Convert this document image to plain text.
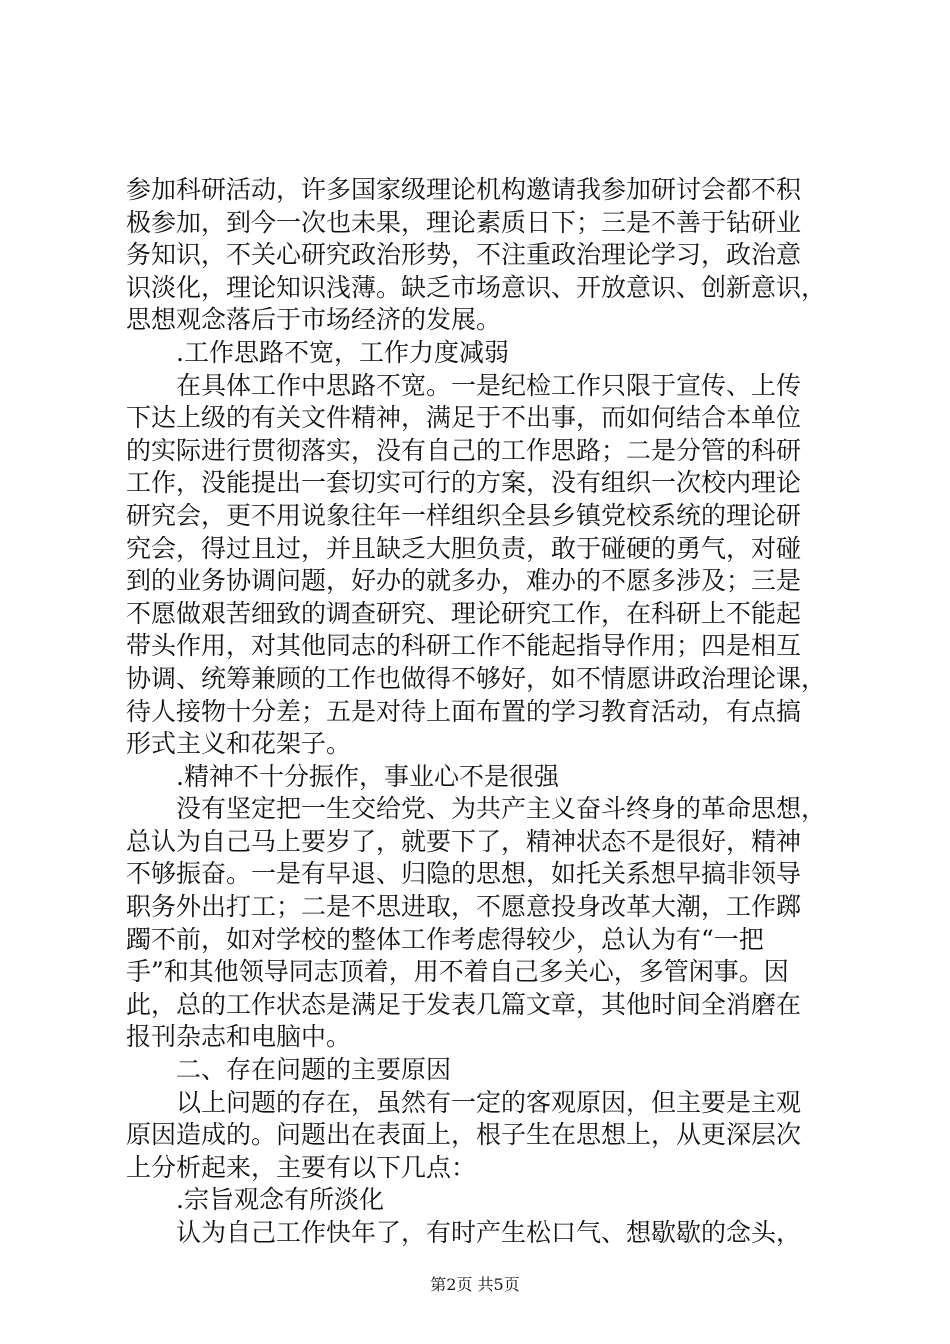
参加科研活动，许多国家级理论机构邀请我参加研讨会都不积
极参加，到今一次也未果，理论素质日下；三是不善于钻研业
务知识，不关心研究政治形势，不注重政治理论学习，政治意
识淡化，理论知识浅薄。缺乏市场意识、开放意识、创新意识，
思想观念落后于市场经济的发展。
　　.工作思路不宽，工作力度减弱
　　在具体工作中思路不宽。一是纪检工作只限于宣传、上传
下达上级的有关文件精神，满足于不出事，而如何结合本单位
的实际进行贯彻落实，没有自己的工作思路；二是分管的科研
工作，没能提出一套切实可行的方案，没有组织一次校内理论
研究会，更不用说象往年一样组织全县乡镇党校系统的理论研
究会，得过且过，并且缺乏大胆负责，敢于碰硬的勇气，对碰
到的业务协调问题，好办的就多办，难办的不愿多涉及；三是
不愿做艰苦细致的调查研究、理论研究工作，在科研上不能起
带头作用，对其他同志的科研工作不能起指导作用；四是相互
协调、统筹兼顾的工作也做得不够好，如不情愿讲政治理论课，
待人接物十分差；五是对待上面布置的学习教育活动，有点搞
形式主义和花架子。
　　.精神不十分振作，事业心不是很强
　　没有坚定把一生交给党、为共产主义奋斗终身的革命思想，
总认为自己马上要岁了，就要下了，精神状态不是很好，精神
不够振奋。一是有早退、归隐的思想，如托关系想早搞非领导
职务外出打工；二是不思进取，不愿意投身改革大潮，工作踯
躅不前，如对学校的整体工作考虑得较少，总认为有“一把
手”和其他领导同志顶着，用不着自己多关心，多管闲事。因
此，总的工作状态是满足于发表几篇文章，其他时间全消磨在
报刊杂志和电脑中。
　　二、存在问题的主要原因
　　以上问题的存在，虽然有一定的客观原因，但主要是主观
原因造成的。问题出在表面上，根子生在思想上，从更深层次
上分析起来，主要有以下几点：
　　.宗旨观念有所淡化
　　认为自己工作快年了，有时产生松口气、想歇歇的念头，
第2页 共5页
